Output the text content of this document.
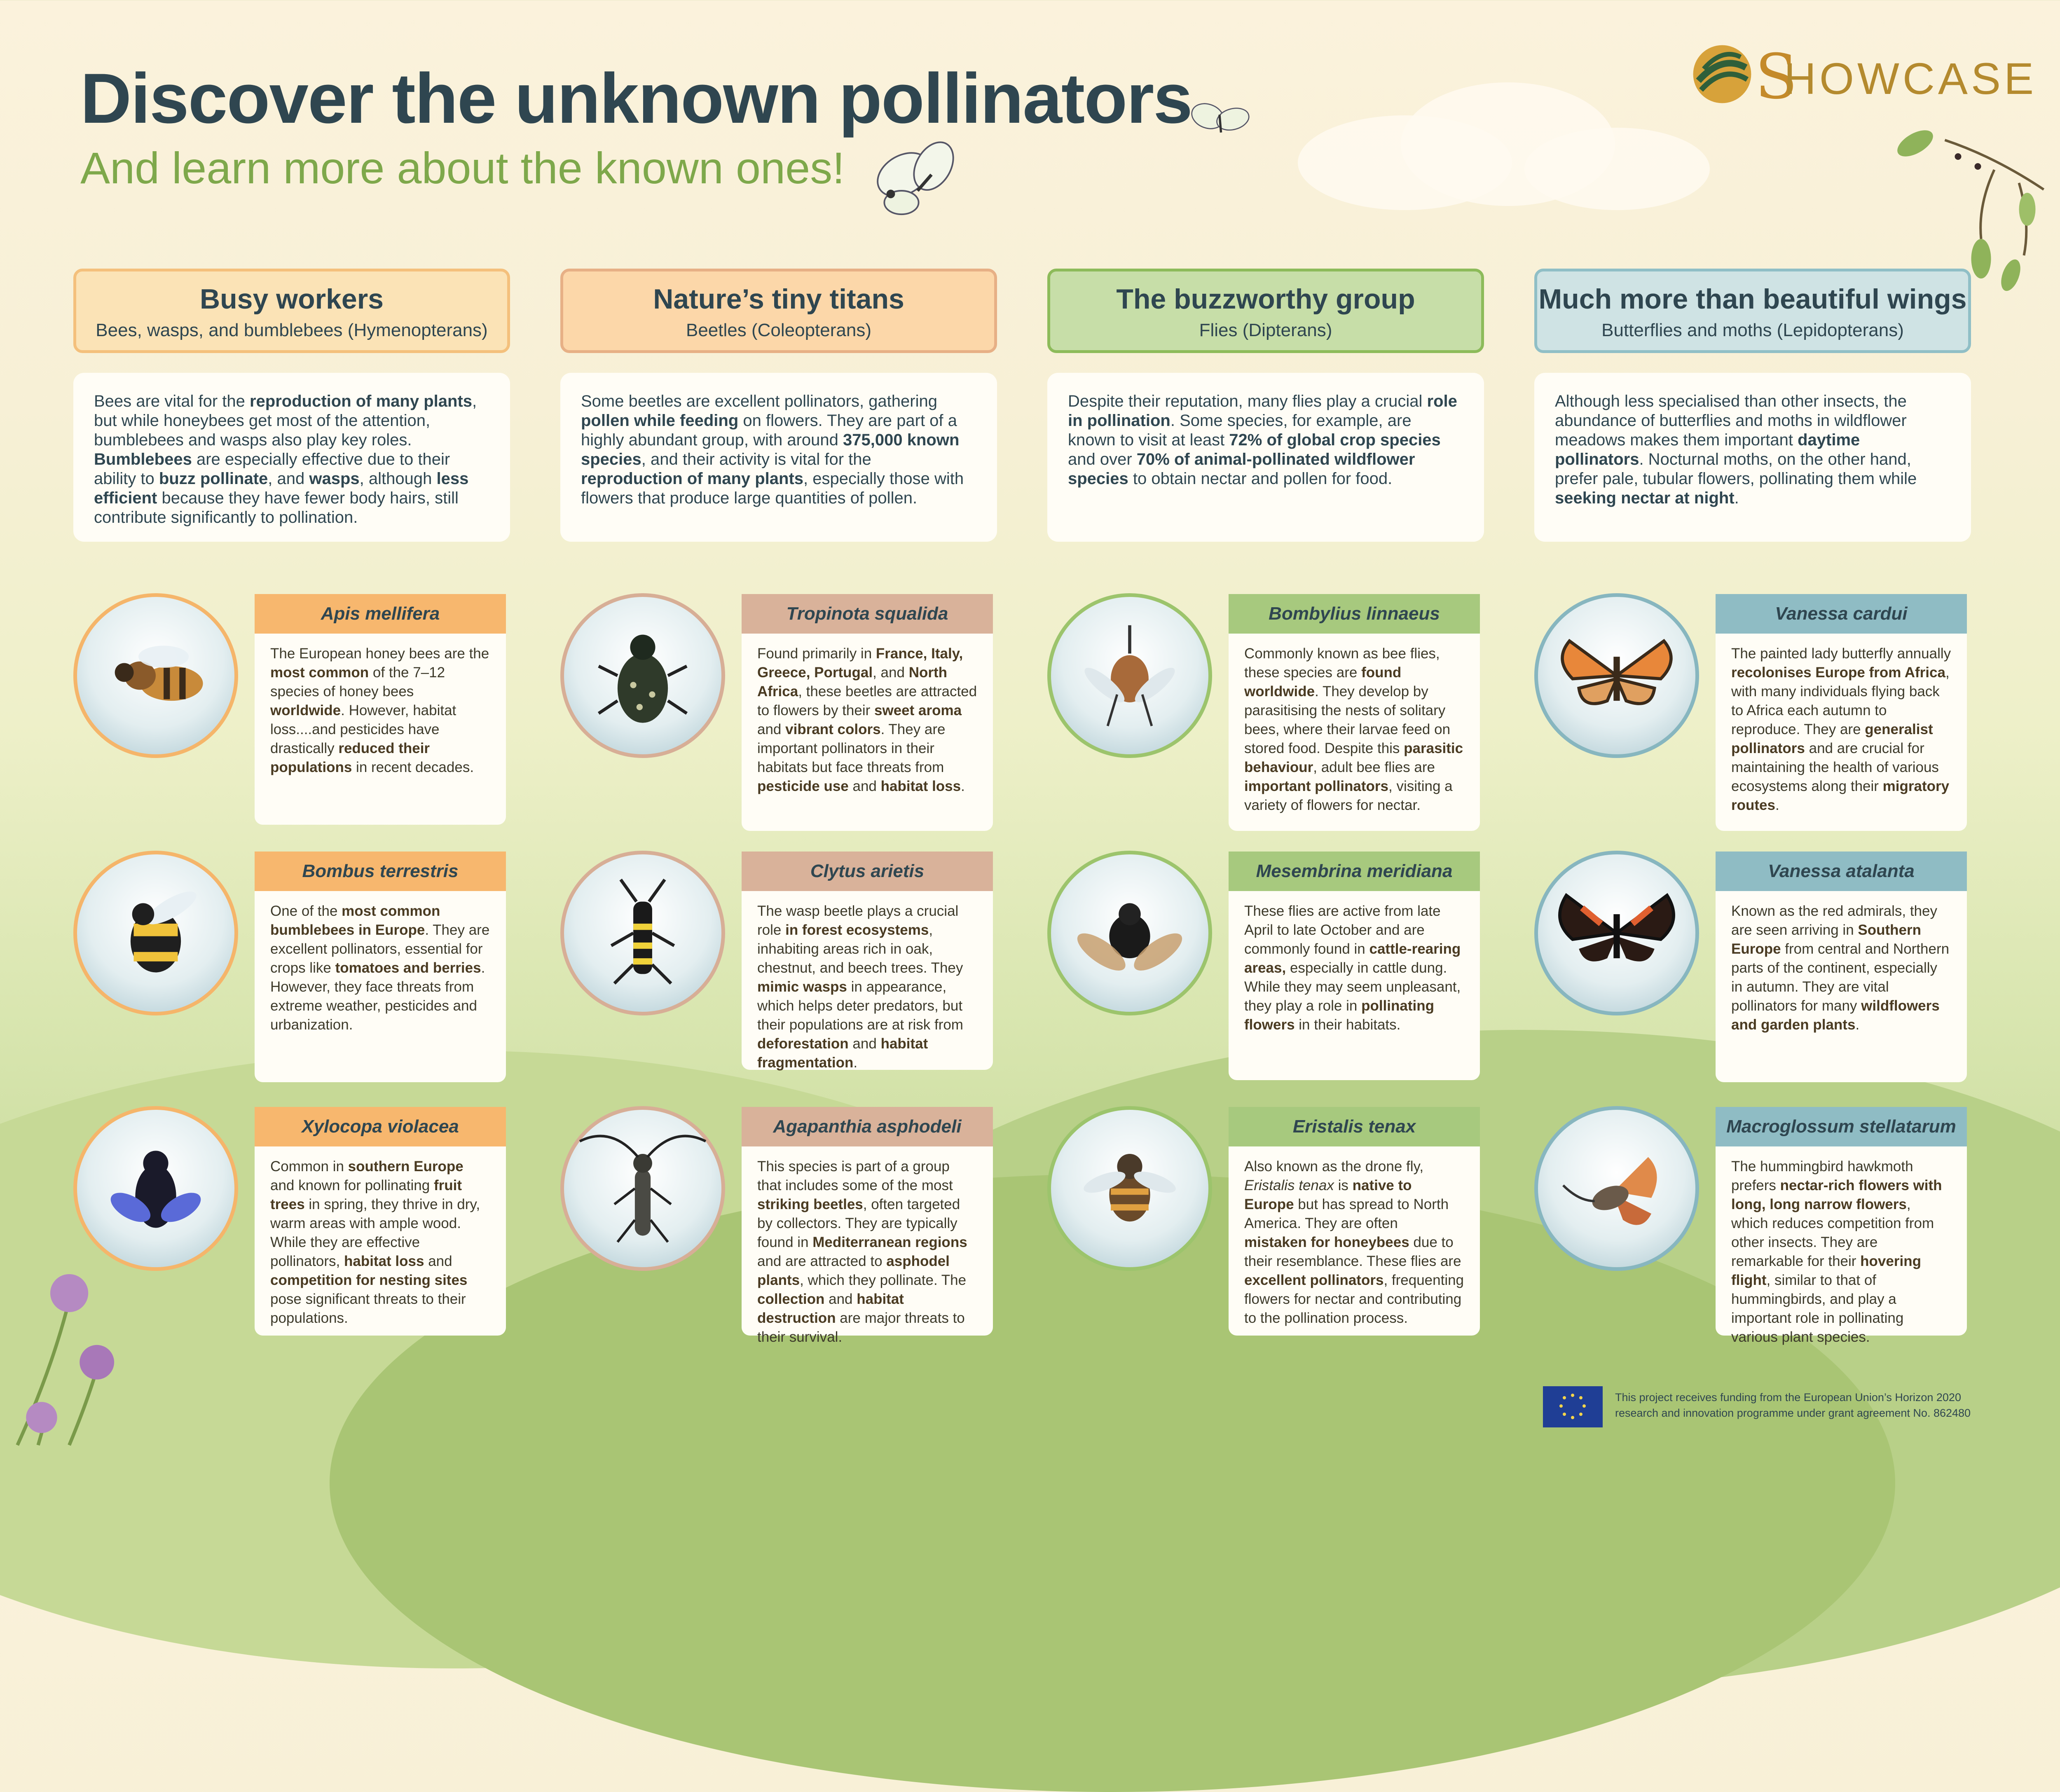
Discover the unknown pollinators
And learn more about the known ones!
S
HOWCASE
Busy workers

Bees, wasps, and bumblebees (Hymenopterans)

Bees are vital for the reproduction of many plants, but while honeybees get most of the attention, bumblebees and wasps also play key roles. Bumblebees are especially effective due to their ability to buzz pollinate, and wasps, although less efficient because they have fewer body hairs, still contribute significantly to pollination.
Apis mellifera
The European honey bees are the most common of the 7–12 species of honey bees worldwide. However, habitat loss....and pesticides have drastically reduced their populations in recent decades.
Bombus terrestris
One of the most common bumblebees in Europe. They are excellent pollinators, essential for crops like tomatoes and berries. However, they face threats from extreme weather, pesticides and urbanization.
Xylocopa violacea
Common in southern Europe and known for pollinating fruit trees in spring, they thrive in dry, warm areas with ample wood. While they are effective pollinators, habitat loss and competition for nesting sites pose significant threats to their populations.
Nature’s tiny titans

Beetles (Coleopterans)

Some beetles are excellent pollinators, gathering pollen while feeding on flowers. They are part of a highly abundant group, with around 375,000 known species, and their activity is vital for the reproduction of many plants, especially those with flowers that produce large quantities of pollen.
Tropinota squalida
Found primarily in France, Italy, Greece, Portugal, and North Africa, these beetles are attracted to flowers by their sweet aroma and vibrant colors. They are important pollinators in their habitats but face threats from pesticide use and habitat loss.
Clytus arietis
The wasp beetle plays a crucial role in forest ecosystems, inhabiting areas rich in oak, chestnut, and beech trees. They mimic wasps in appearance, which helps deter predators, but their populations are at risk from deforestation and habitat fragmentation.
Agapanthia asphodeli
This species is part of a group that includes some of the most striking beetles, often targeted by collectors. They are typically found in Mediterranean regions and are attracted to asphodel plants, which they pollinate. The collection and habitat destruction are major threats to their survival.
The buzzworthy group

Flies (Dipterans)

Despite their reputation, many flies play a crucial role in pollination. Some species, for example, are known to visit at least 72% of global crop species and over 70% of animal-pollinated wildflower species to obtain nectar and pollen for food.
Bombylius linnaeus
Commonly known as bee flies, these species are found worldwide. They develop by parasitising the nests of solitary bees, where their larvae feed on stored food. Despite this parasitic behaviour, adult bee flies are important pollinators, visiting a variety of flowers for nectar.
Mesembrina meridiana
These flies are active from late April to late October and are commonly found in cattle-rearing areas, especially in cattle dung. While they may seem unpleasant, they play a role in pollinating flowers in their habitats.
Eristalis tenax
Also known as the drone fly, Eristalis tenax is native to Europe but has spread to North America. They are often mistaken for honeybees due to their resemblance. These flies are excellent pollinators, frequenting flowers for nectar and contributing to the pollination process.
Much more than beautiful wings

Butterflies and moths (Lepidopterans)

Although less specialised than other insects, the abundance of butterflies and moths in wildflower meadows makes them important daytime pollinators. Nocturnal moths, on the other hand, prefer pale, tubular flowers, pollinating them while seeking nectar at night.
Vanessa cardui
The painted lady butterfly annually recolonises Europe from Africa, with many individuals flying back to Africa each autumn to reproduce. They are generalist pollinators and are crucial for maintaining the health of various ecosystems along their migratory routes.
Vanessa atalanta
Known as the red admirals, they are seen arriving in Southern Europe from central and Northern parts of the continent, especially in autumn. They are vital pollinators for many wildflowers and garden plants.
Macroglossum stellatarum
The hummingbird hawkmoth prefers nectar-rich flowers with long, long narrow flowers, which reduces competition from other insects. They are remarkable for their hovering flight, similar to that of hummingbirds, and play a important role in pollinating various plant species.
This project receives funding from the European Union’s Horizon 2020
research and innovation programme under grant agreement No. 862480
